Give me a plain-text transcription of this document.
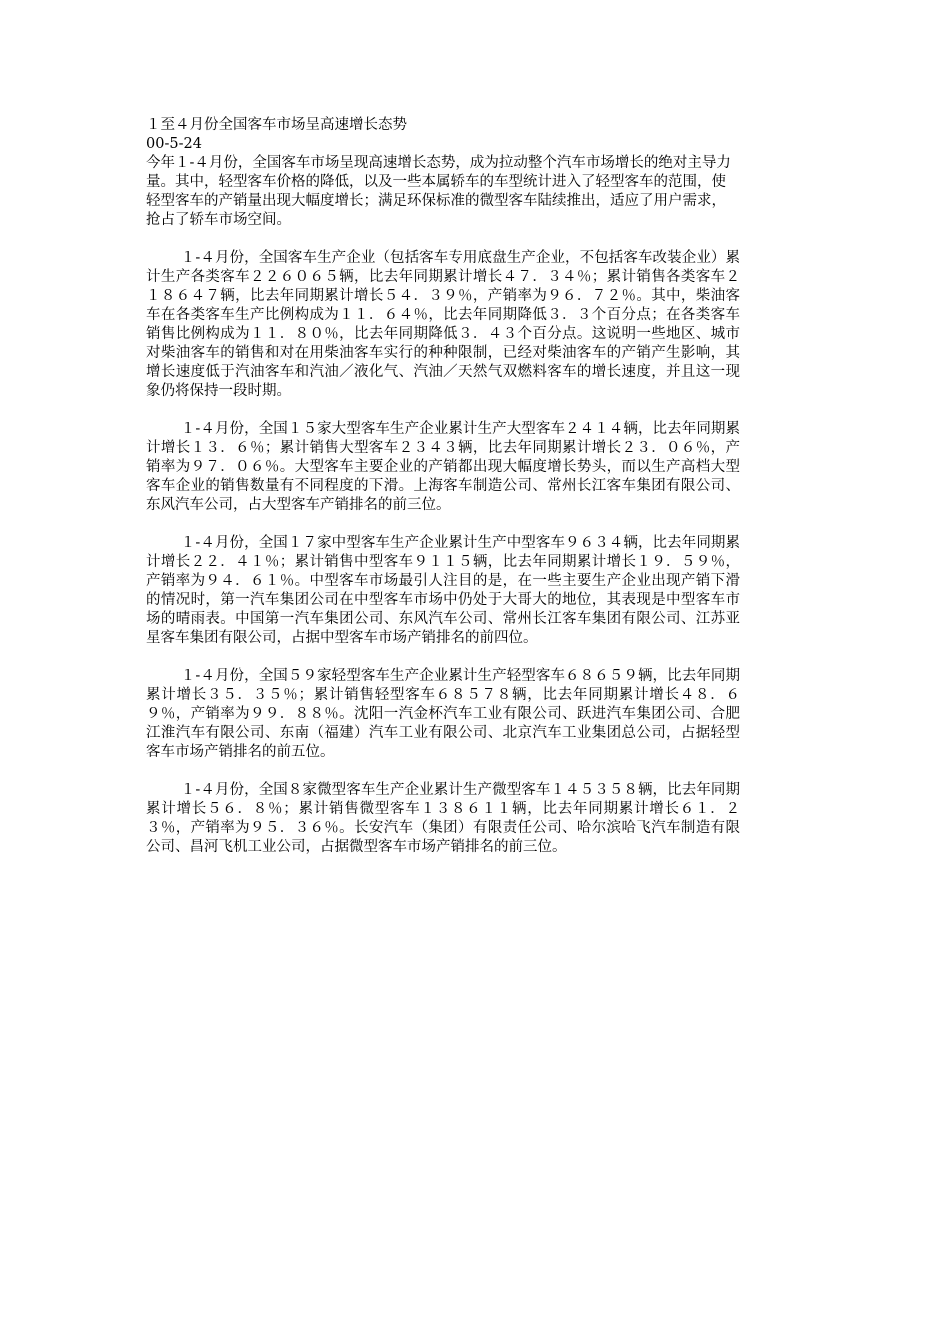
１至４月份全国客车市场呈高速增长态势

00-5-24

今年１-４月份，全国客车市场呈现高速增长态势，成为拉动整个汽车市场增长的绝对主导力量。其中，轻型客车价格的降低，以及一些本属轿车的车型统计进入了轻型客车的范围，使轻型客车的产销量出现大幅度增长；满足环保标准的微型客车陆续推出，适应了用户需求，抢占了轿车市场空间。

１-４月份，全国客车生产企业（包括客车专用底盘生产企业，不包括客车改装企业）累计生产各类客车２２６０６５辆，比去年同期累计增长４７．３４％；累计销售各类客车２１８６４７辆，比去年同期累计增长５４．３９％，产销率为９６．７２％。其中，柴油客车在各类客车生产比例构成为１１．６４％，比去年同期降低３．３个百分点；在各类客车销售比例构成为１１．８０％，比去年同期降低３．４３个百分点。这说明一些地区、城市对柴油客车的销售和对在用柴油客车实行的种种限制，已经对柴油客车的产销产生影响，其增长速度低于汽油客车和汽油／液化气、汽油／天然气双燃料客车的增长速度，并且这一现象仍将保持一段时期。

１-４月份，全国１５家大型客车生产企业累计生产大型客车２４１４辆，比去年同期累计增长１３．６％；累计销售大型客车２３４３辆，比去年同期累计增长２３．０６％，产销率为９７．０６％。大型客车主要企业的产销都出现大幅度增长势头，而以生产高档大型客车企业的销售数量有不同程度的下滑。上海客车制造公司、常州长江客车集团有限公司、东风汽车公司，占大型客车产销排名的前三位。

１-４月份，全国１７家中型客车生产企业累计生产中型客车９６３４辆，比去年同期累计增长２２．４１％；累计销售中型客车９１１５辆，比去年同期累计增长１９．５９％，产销率为９４．６１％。中型客车市场最引人注目的是，在一些主要生产企业出现产销下滑的情况时，第一汽车集团公司在中型客车市场中仍处于大哥大的地位，其表现是中型客车市场的晴雨表。中国第一汽车集团公司、东风汽车公司、常州长江客车集团有限公司、江苏亚星客车集团有限公司，占据中型客车市场产销排名的前四位。

１-４月份，全国５９家轻型客车生产企业累计生产轻型客车６８６５９辆，比去年同期累计增长３５．３５％；累计销售轻型客车６８５７８辆，比去年同期累计增长４８．６９％，产销率为９９．８８％。沈阳一汽金杯汽车工业有限公司、跃进汽车集团公司、合肥江淮汽车有限公司、东南（福建）汽车工业有限公司、北京汽车工业集团总公司，占据轻型客车市场产销排名的前五位。

１-４月份，全国８家微型客车生产企业累计生产微型客车１４５３５８辆，比去年同期累计增长５６．８％；累计销售微型客车１３８６１１辆，比去年同期累计增长６１．２３％，产销率为９５．３６％。长安汽车（集团）有限责任公司、哈尔滨哈飞汽车制造有限公司、昌河飞机工业公司，占据微型客车市场产销排名的前三位。
